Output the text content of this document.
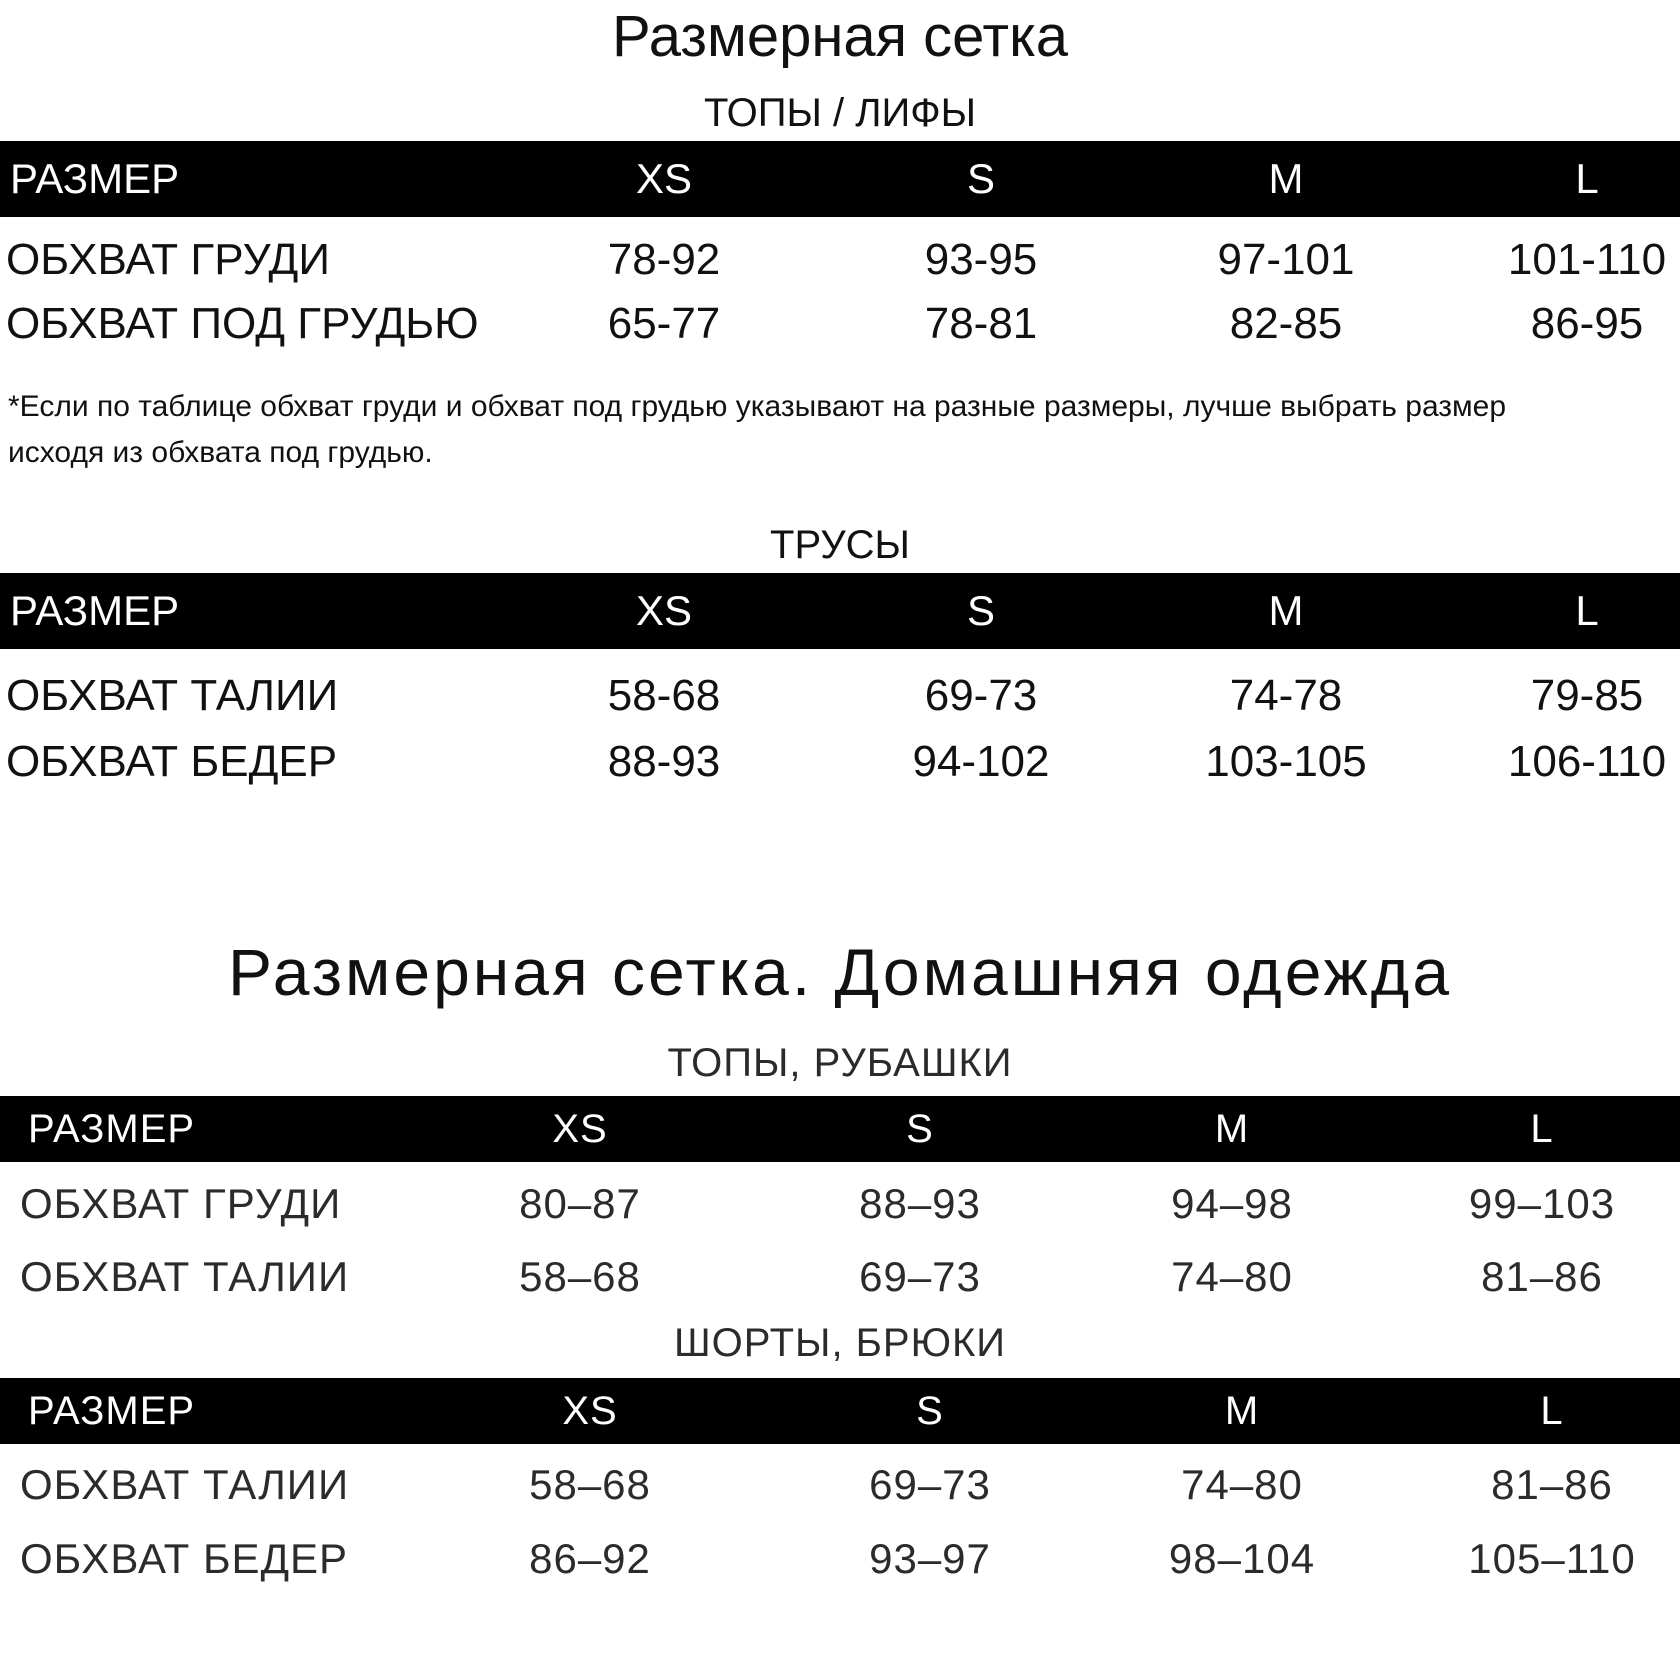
Размерная сетка
ТОПЫ / ЛИФЫ
РАЗМЕР	XS	S	M	L
ОБХВАТ ГРУДИ	78-92	93-95	97-101	101-110
ОБХВАТ ПОД ГРУДЬЮ	65-77	78-81	82-85	86-95
*Если по таблице обхват груди и обхват под грудью указывают на разные размеры, лучше выбрать размер исходя из обхвата под грудью.
ТРУСЫ
РАЗМЕР	XS	S	M	L
ОБХВАТ ТАЛИИ	58-68	69-73	74-78	79-85
ОБХВАТ БЕДЕР	88-93	94-102	103-105	106-110
Размерная сетка. Домашняя одежда
ТОПЫ, РУБАШКИ
РАЗМЕР	XS	S	M	L
ОБХВАТ ГРУДИ	80–87	88–93	94–98	99–103
ОБХВАТ ТАЛИИ	58–68	69–73	74–80	81–86
ШОРТЫ, БРЮКИ
РАЗМЕР	XS	S	M	L
ОБХВАТ ТАЛИИ	58–68	69–73	74–80	81–86
ОБХВАТ БЕДЕР	86–92	93–97	98–104	105–110
